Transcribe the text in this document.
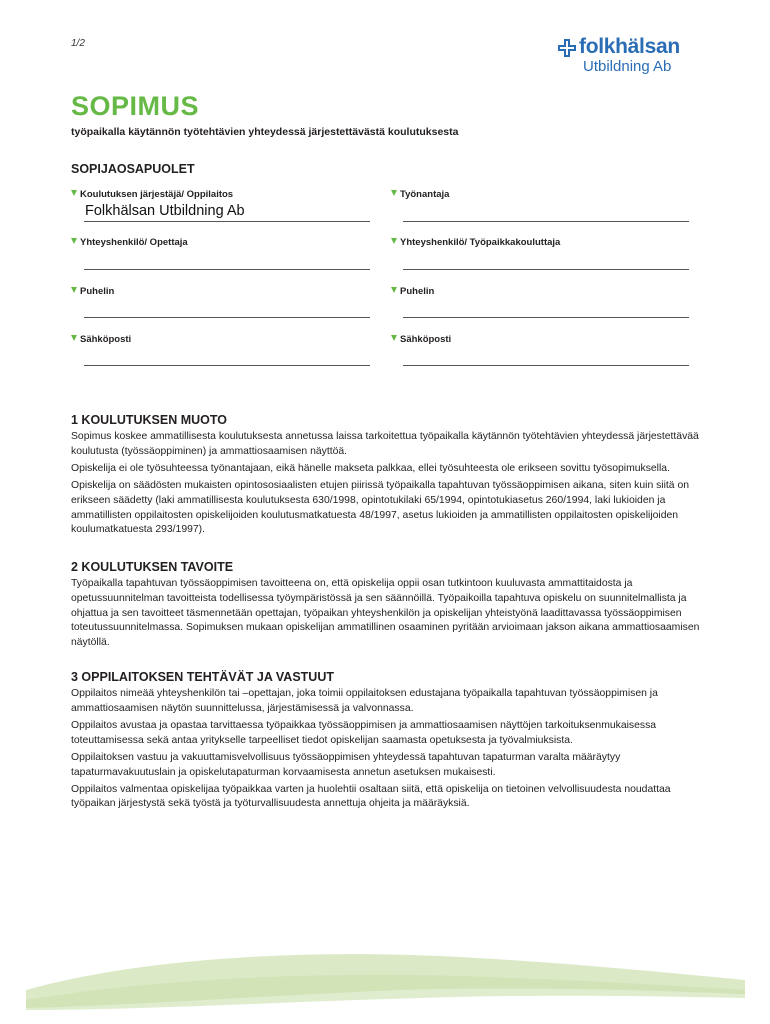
1/2	folkhälsan
Utbildning Ab
SOPIMUS
työpaikalla käytännön työtehtävien yhteydessä järjestettävästä koulutuksesta
SOPIJAOSAPUOLET
Koulutuksen järjestäjä/ Oppilaitos
Folkhälsan Utbildning Ab
Yhteyshenkilö/ Opettaja
Puhelin
Sähköposti
Työnantaja
Yhteyshenkilö/ Työpaikkakouluttaja
Puhelin
Sähköposti
1 KOULUTUKSEN MUOTO

Sopimus koskee ammatillisesta koulutuksesta annetussa laissa tarkoitettua työpaikalla käytännön työtehtävien yhteydessä järjestettävää koulutusta (työssäoppiminen) ja ammattiosaamisen näyttöä.

Opiskelija ei ole työsuhteessa työnantajaan, eikä hänelle makseta palkkaa, ellei työsuhteesta ole erikseen sovittu työsopimuksella.

Opiskelija on säädösten mukaisten opintososiaalisten etujen piirissä työpaikalla tapahtuvan työssäoppimisen aikana, siten kuin siitä on erikseen säädetty (laki ammatillisesta koulutuksesta 630/1998, opintotukilaki 65/1994, opintotukiasetus 260/1994, laki lukioiden ja ammatillisten oppilaitosten opiskelijoiden koulutusmatkatuesta 48/1997, asetus lukioiden ja ammatillisten oppilaitosten opiskelijoiden koulumatkatuesta 293/1997).

2 KOULUTUKSEN TAVOITE

Työpaikalla tapahtuvan työssäoppimisen tavoitteena on, että opiskelija oppii osan tutkintoon kuuluvasta ammattitaidosta ja opetussuunnitelman tavoitteista todellisessa työympäristössä ja sen säännöillä. Työpaikoilla tapahtuva opiskelu on suunnitelmallista ja ohjattua ja sen tavoitteet täsmennetään opettajan, työpaikan yhteyshenkilön ja opiskelijan yhteistyönä laadittavassa työssäoppimisen toteutussuunnitelmassa. Sopimuksen mukaan opiskelijan ammatillinen osaaminen pyritään arvioimaan jakson aikana ammattiosaamisen näytöllä.

3 OPPILAITOKSEN TEHTÄVÄT JA VASTUUT

Oppilaitos nimeää yhteyshenkilön tai –opettajan, joka toimii oppilaitoksen edustajana työpaikalla tapahtuvan työssäoppimisen ja ammattiosaamisen näytön suunnittelussa, järjestämisessä ja valvonnassa.

Oppilaitos avustaa ja opastaa tarvittaessa työpaikkaa työssäoppimisen ja ammattiosaamisen näyttöjen tarkoituksenmukaisessa toteuttamisessa sekä antaa yritykselle tarpeelliset tiedot opiskelijan saamasta opetuksesta ja työvalmiuksista.

Oppilaitoksen vastuu ja vakuuttamisvelvollisuus työssäoppimisen yhteydessä tapahtuvan tapaturman varalta määräytyy tapaturmavakuutuslain ja opiskelutapaturman korvaamisesta annetun asetuksen mukaisesti.

Oppilaitos valmentaa opiskelijaa työpaikkaa varten ja huolehtii osaltaan siitä, että opiskelija on tietoinen velvollisuudesta noudattaa työpaikan järjestystä sekä työstä ja työturvallisuudesta annettuja ohjeita ja määräyksiä.
